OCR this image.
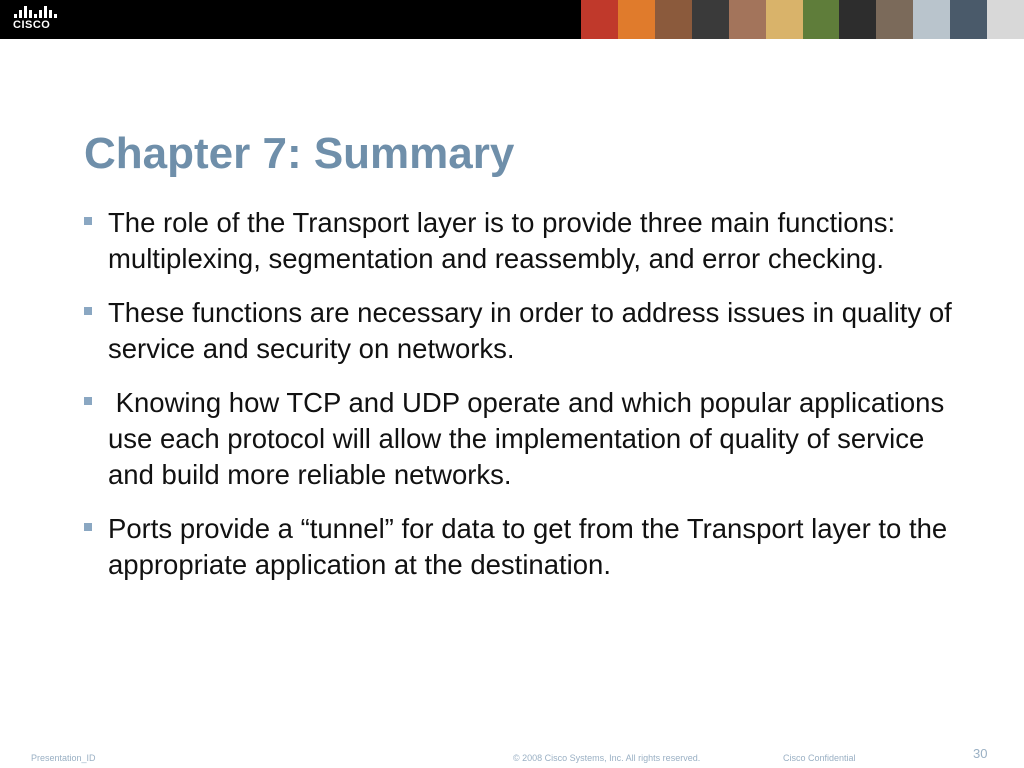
CISCO
Chapter 7: Summary
The role of the Transport layer is to provide three main functions: multiplexing, segmentation and reassembly, and error checking.
These functions are necessary in order to address issues in quality of service and security on networks.
Knowing how TCP and UDP operate and which popular applications use each protocol will allow the implementation of quality of service and build more reliable networks.
Ports provide a “tunnel” for data to get from the Transport layer to the appropriate application at the destination.
Presentation_ID	© 2008 Cisco Systems, Inc. All rights reserved.	Cisco Confidential	30
